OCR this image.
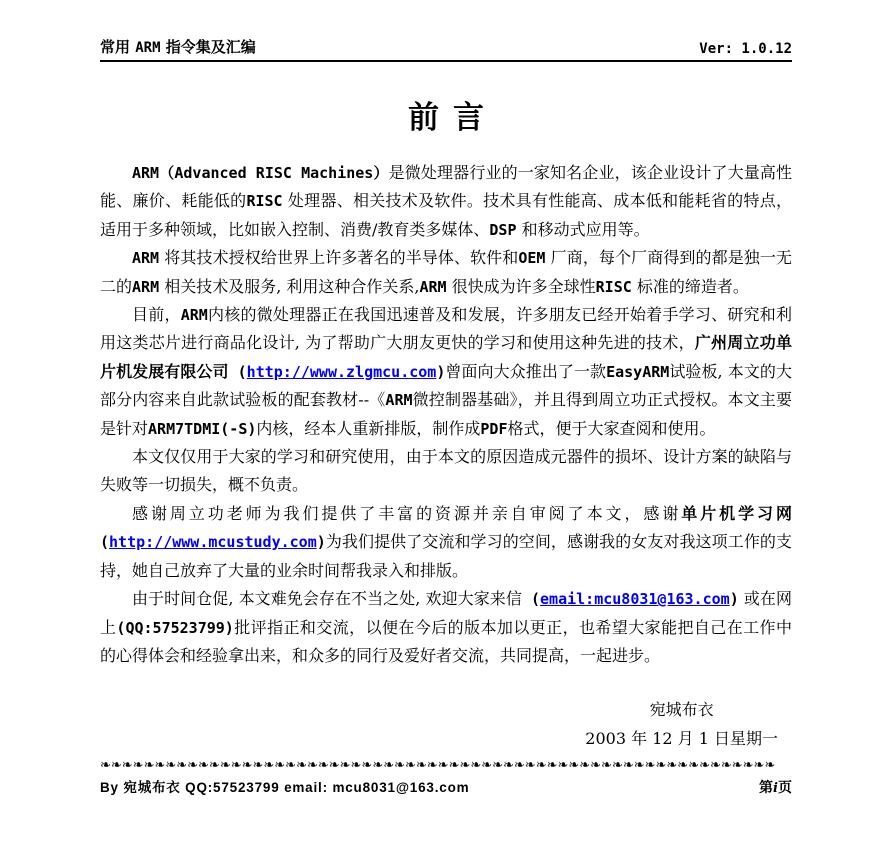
常用 ARM 指令集及汇编	Ver: 1.0.12
前言

ARM（Advanced RISC Machines）是微处理器行业的一家知名企业，该企业设计了大量高性能、廉价、耗能低的RISC 处理器、相关技术及软件。技术具有性能高、成本低和能耗省的特点，适用于多种领域，比如嵌入控制、消费/教育类多媒体、DSP 和移动式应用等。

ARM 将其技术授权给世界上许多著名的半导体、软件和OEM 厂商，每个厂商得到的都是独一无二的ARM 相关技术及服务, 利用这种合作关系,ARM 很快成为许多全球性RISC 标准的缔造者。

目前，ARM内核的微处理器正在我国迅速普及和发展，许多朋友已经开始着手学习、研究和利用这类芯片进行商品化设计, 为了帮助广大朋友更快的学习和使用这种先进的技术，广州周立功单片机发展有限公司 (http://www.zlgmcu.com)曾面向大众推出了一款EasyARM试验板, 本文的大部分内容来自此款试验板的配套教材--《ARM微控制器基础》，并且得到周立功正式授权。本文主要是针对ARM7TDMI(-S)内核，经本人重新排版，制作成PDF格式，便于大家查阅和使用。

本文仅仅用于大家的学习和研究使用，由于本文的原因造成元器件的损坏、设计方案的缺陷与失败等一切损失，概不负责。

感谢周立功老师为我们提供了丰富的资源并亲自审阅了本文，感谢单片机学习网 (http://www.mcustudy.com)为我们提供了交流和学习的空间，感谢我的女友对我这项工作的支持，她自己放弃了大量的业余时间帮我录入和排版。

由于时间仓促, 本文难免会存在不当之处, 欢迎大家来信 (email:mcu8031@163.com) 或在网上(QQ:57523799)批评指正和交流，以便在今后的版本加以更正，也希望大家能把自己在工作中的心得体会和经验拿出来，和众多的同行及爱好者交流，共同提高，一起进步。

宛城布衣
2003 年 12 月 1 日星期一
❧❧❧❧❧❧❧❧❧❧❧❧❧❧❧❧❧❧❧❧❧❧❧❧❧❧❧❧❧❧❧❧❧❧❧❧❧❧❧❧❧❧❧❧❧❧❧❧❧❧❧❧❧❧❧❧❧❧❧❧❧❧
By 宛城布衣 QQ:57523799 email: mcu8031@163.com	第i页
